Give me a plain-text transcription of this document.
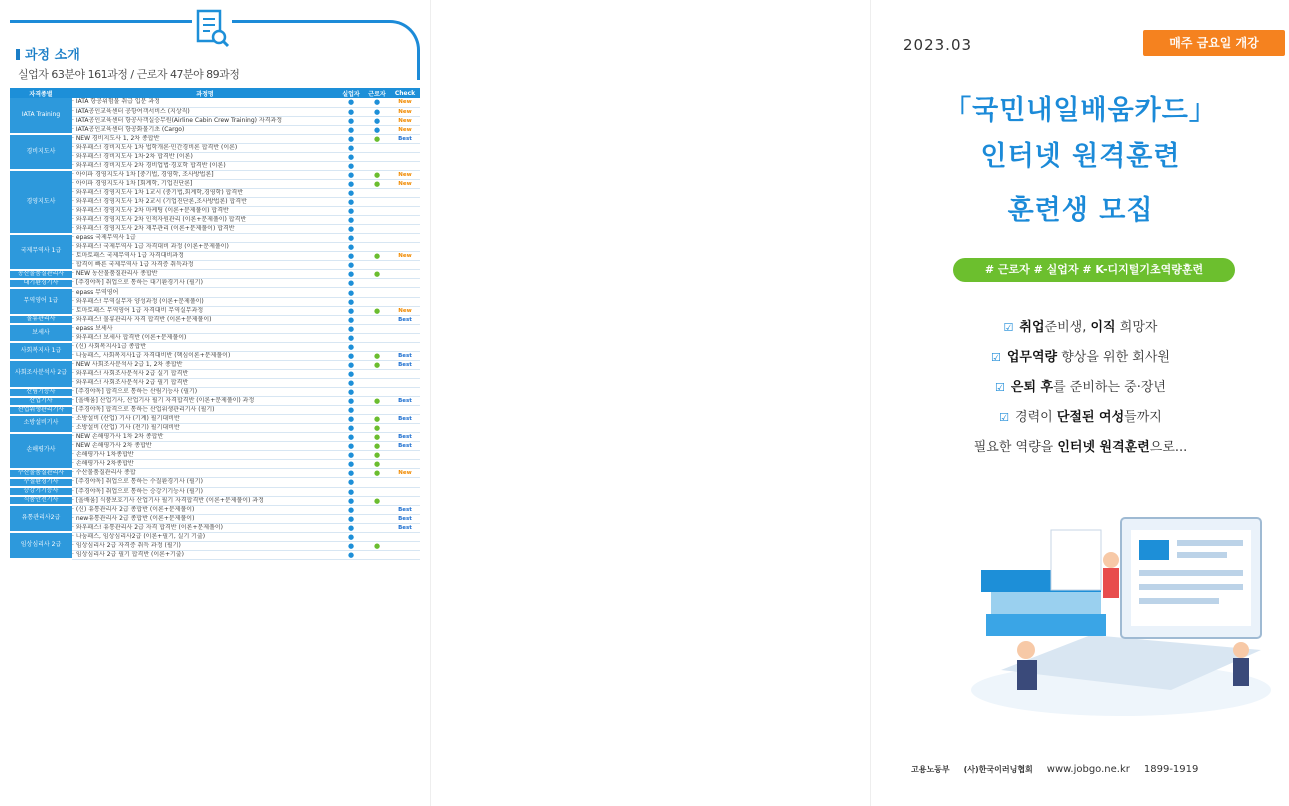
과정 소개
실업자 63분야 161과정 / 근로자 47분야 89과정
자격종별	과정명	실업자	근로자	Check
IATA Training	· IATA 항공위험물 취급 입문 과정	●	●	New
	· IATA공인교육센터 공항여객서비스 (지상직)	●	●	New
	· IATA공인교육센터 항공사객실승무원(Airline Cabin Crew Training) 자격과정	●	●	New
	· IATA공인교육센터 항공화물기초 (Cargo)	●	●	New
경비지도사	· NEW 경비지도사 1, 2차 종합반	●	●	Best
	· 와우패스! 경비지도사 1차 법학개론·민간경비론 합격반 (이론)	●		
	· 와우패스! 경비지도사 1차·2차 합격반 (이론)	●		
	· 와우패스! 경비지도사 2차 경비업법·경호학 합격반 (이론)	●		
경영지도사	· 아이파 경영지도사 1차 [중기법, 경영학, 조사방법론]	●	●	New
	· 아이파 경영지도사 1차 [회계학, 기업진단론]	●	●	New
	· 와우패스! 경영지도사 1차 1교시 (중기법,회계학,경영학) 합격반	●		
	· 와우패스! 경영지도사 1차 2교시 (기업진단론,조사방법론) 합격반	●		
	· 와우패스! 경영지도사 2차 마케팅 (이론+문제풀이) 합격반	●		
	· 와우패스! 경영지도사 2차 인적자원관리 (이론+문제풀이) 합격반	●		
	· 와우패스! 경영지도사 2차 재무관리 (이론+문제풀이) 합격반	●		
국제무역사 1급	· epass 국제무역사 1급	●		
	· 와우패스! 국제무역사 1급 자격대비 과정 (이론+문제풀이)	●		
	· 토마토패스 국제무역사 1급 자격대비과정	●	●	New
	· 합격이 빠른 국제무역사 1급 자격증 취득과정	●		
농산물품질관리사	· NEW 농산물품질관리사 종합반	●	●	
대기환경기사	· [주경야독] 취업으로 통하는 대기환경기사 (필기)	●		
무역영어 1급	· epass 무역영어	●		
	· 와우패스! 무역실무자 양성과정 (이론+문제풀이)	●		
	· 토마토패스 무역영어 1급 자격대비 무역실무과정	●	●	New
물류관리사	· 와우패스! 물류관리사 자격 합격반 (이론+문제풀이)	●		Best
보세사	· epass 보세사	●		
	· 와우패스! 보세사 합격반 (이론+문제풀이)	●		
사회복지사 1급	· (신) 사회복지사1급 종합반	●		
	· 나눔패스, 사회복지사1급 자격대비반 (핵심이론+문제풀이)	●	●	Best
사회조사분석사 2급	· NEW 사회조사분석사 2급 1, 2차 종합반	●	●	Best
	· 와우패스! 사회조사분석사 2급 실기 합격반	●		
	· 와우패스! 사회조사분석사 2급 필기 합격반	●		
산림기능사	· [주경야독] 합격으로 통하는 산림기능사 (필기)	●		
산업기사	· [올배움] 산업기사, 산업기사 필기 자격합격반 (이론+문제풀이) 과정	●	●	Best
산업위생관리기사	· [주경야독] 합격으로 통하는 산업위생관리기사 (필기)	●		
소방설비기사	· 소방설비 (산업) 기사 (기계) 필기대비반	●	●	Best
	· 소방설비 (산업) 기사 (전기) 필기대비반	●	●	
손해평가사	· NEW 손해평가사 1차 2차 종합반	●	●	Best
	· NEW 손해평가사 2차 종합반	●	●	Best
	· 손해평가사 1차종합반	●	●	
	· 손해평가사 2차종합반	●	●	
수산물품질관리사	· 수산물품질관리사 종합	●	●	New
수질환경기사	· [주경야독] 취업으로 통하는 수질환경기사 (필기)	●		
승강기기능사	· [주경야독] 취업으로 통하는 승강기기능사 (필기)	●		
식품안전기사	· [올배움] 식품보호기사 산업기사 필기 자격합격반 (이론+문제풀이) 과정	●	●	
유통관리사2급	· (신) 유통관리사 2급 종합반 (이론+문제풀이)	●		Best
	· new유통관리사 2급 종합반 (이론+문제풀이)	●		Best
	· 와우패스! 유통관리사 2급 자격 합격반 (이론+문제풀이)	●		Best
임상심리사 2급	· 나눔패스, 임상심리사2급 (이론+필기, 실기 기출)	●		
	· 임상심리사 2급 자격증 취득 과정 (필기)	●	●	
	· 임상심리사 2급 필기 합격반 (이론+기출)	●		

2023.03	매주 금요일 개강
「국민내일배움카드」
인터넷 원격훈련
훈련생 모집
# 근로자 # 실업자 # K-디지털기초역량훈련
☑ 취업준비생, 이직 희망자
☑ 업무역량 향상을 위한 회사원
☑ 은퇴 후를 준비하는 중·장년
☑ 경력이 단절된 여성들까지
필요한 역량을 인터넷 원격훈련으로...
고용노동부 (사)한국이러닝협회 www.jobgo.ne.kr 1899-1919
